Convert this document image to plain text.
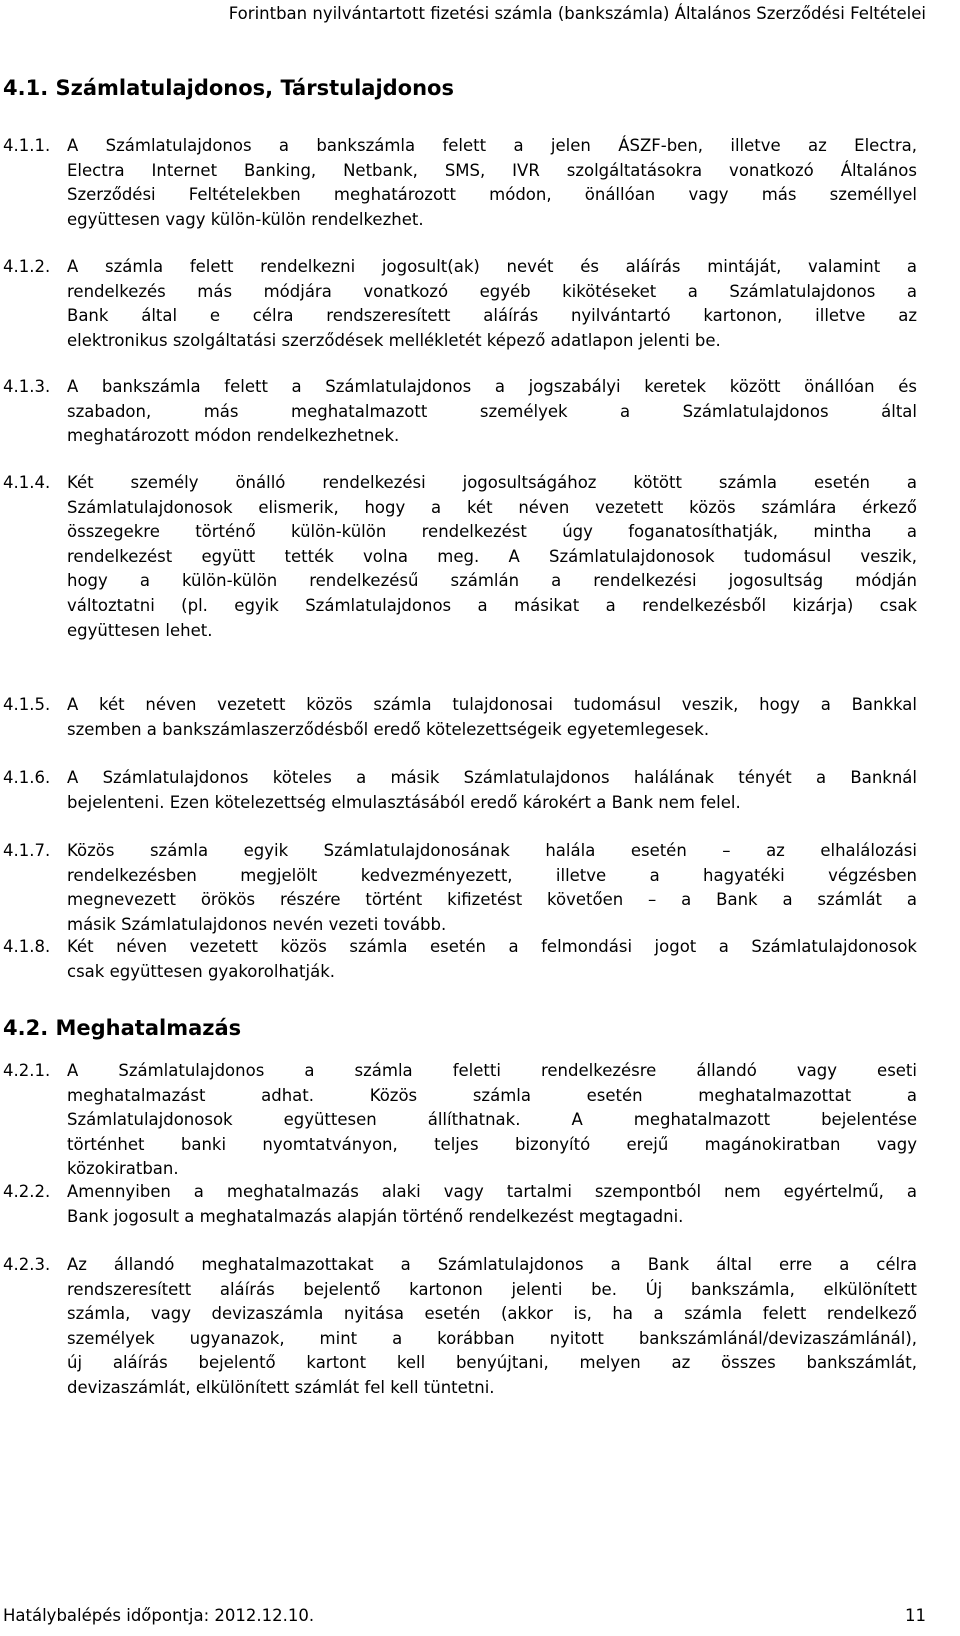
Forintban nyilvántartott fizetési számla (bankszámla) Általános Szerződési Feltételei
4.1. Számlatulajdonos, Társtulajdonos
4.1.1.	A Számlatulajdonos a bankszámla felett a jelen ÁSZF-ben, illetve az Electra,
Electra Internet Banking, Netbank, SMS, IVR szolgáltatásokra vonatkozó Általános
Szerződési Feltételekben meghatározott módon, önállóan vagy más személlyel
együttesen vagy külön-külön rendelkezhet.
4.1.2.	A számla felett rendelkezni jogosult(ak) nevét és aláírás mintáját, valamint a
rendelkezés más módjára vonatkozó egyéb kikötéseket a Számlatulajdonos a
Bank által e célra rendszeresített aláírás nyilvántartó kartonon, illetve az
elektronikus szolgáltatási szerződések mellékletét képező adatlapon jelenti be.
4.1.3.	A bankszámla felett a Számlatulajdonos a jogszabályi keretek között önállóan és
szabadon, más meghatalmazott személyek a Számlatulajdonos által
meghatározott módon rendelkezhetnek.
4.1.4.	Két személy önálló rendelkezési jogosultságához kötött számla esetén a
Számlatulajdonosok elismerik, hogy a két néven vezetett közös számlára érkező
összegekre történő külön-külön rendelkezést úgy foganatosíthatják, mintha a
rendelkezést együtt tették volna meg. A Számlatulajdonosok tudomásul veszik,
hogy a külön-külön rendelkezésű számlán a rendelkezési jogosultság módján
változtatni (pl. egyik Számlatulajdonos a másikat a rendelkezésből kizárja) csak
együttesen lehet.
4.1.5.	A két néven vezetett közös számla tulajdonosai tudomásul veszik, hogy a Bankkal
szemben a bankszámlaszerződésből eredő kötelezettségeik egyetemlegesek.
4.1.6.	A Számlatulajdonos köteles a másik Számlatulajdonos halálának tényét a Banknál
bejelenteni. Ezen kötelezettség elmulasztásából eredő károkért a Bank nem felel.
4.1.7.	Közös számla egyik Számlatulajdonosának halála esetén – az elhalálozási
rendelkezésben megjelölt kedvezményezett, illetve a hagyatéki végzésben
megnevezett örökös részére történt kifizetést követően – a Bank a számlát a
másik Számlatulajdonos nevén vezeti tovább.
4.1.8.	Két néven vezetett közös számla esetén a felmondási jogot a Számlatulajdonosok
csak együttesen gyakorolhatják.
4.2.1.	A Számlatulajdonos a számla feletti rendelkezésre állandó vagy eseti
meghatalmazást adhat. Közös számla esetén meghatalmazottat a
Számlatulajdonosok együttesen állíthatnak. A meghatalmazott bejelentése
történhet banki nyomtatványon, teljes bizonyító erejű magánokiratban vagy
közokiratban.
4.2.2.	Amennyiben a meghatalmazás alaki vagy tartalmi szempontból nem egyértelmű, a
Bank jogosult a meghatalmazás alapján történő rendelkezést megtagadni.
4.2.3.	Az állandó meghatalmazottakat a Számlatulajdonos a Bank által erre a célra
rendszeresített aláírás bejelentő kartonon jelenti be. Új bankszámla, elkülönített
számla, vagy devizaszámla nyitása esetén (akkor is, ha a számla felett rendelkező
személyek ugyanazok, mint a korábban nyitott bankszámlánál/devizaszámlánál),
új aláírás bejelentő kartont kell benyújtani, melyen az összes bankszámlát,
devizaszámlát, elkülönített számlát fel kell tüntetni.
4.2. Meghatalmazás
Hatálybalépés időpontja: 2012.12.10.	11
